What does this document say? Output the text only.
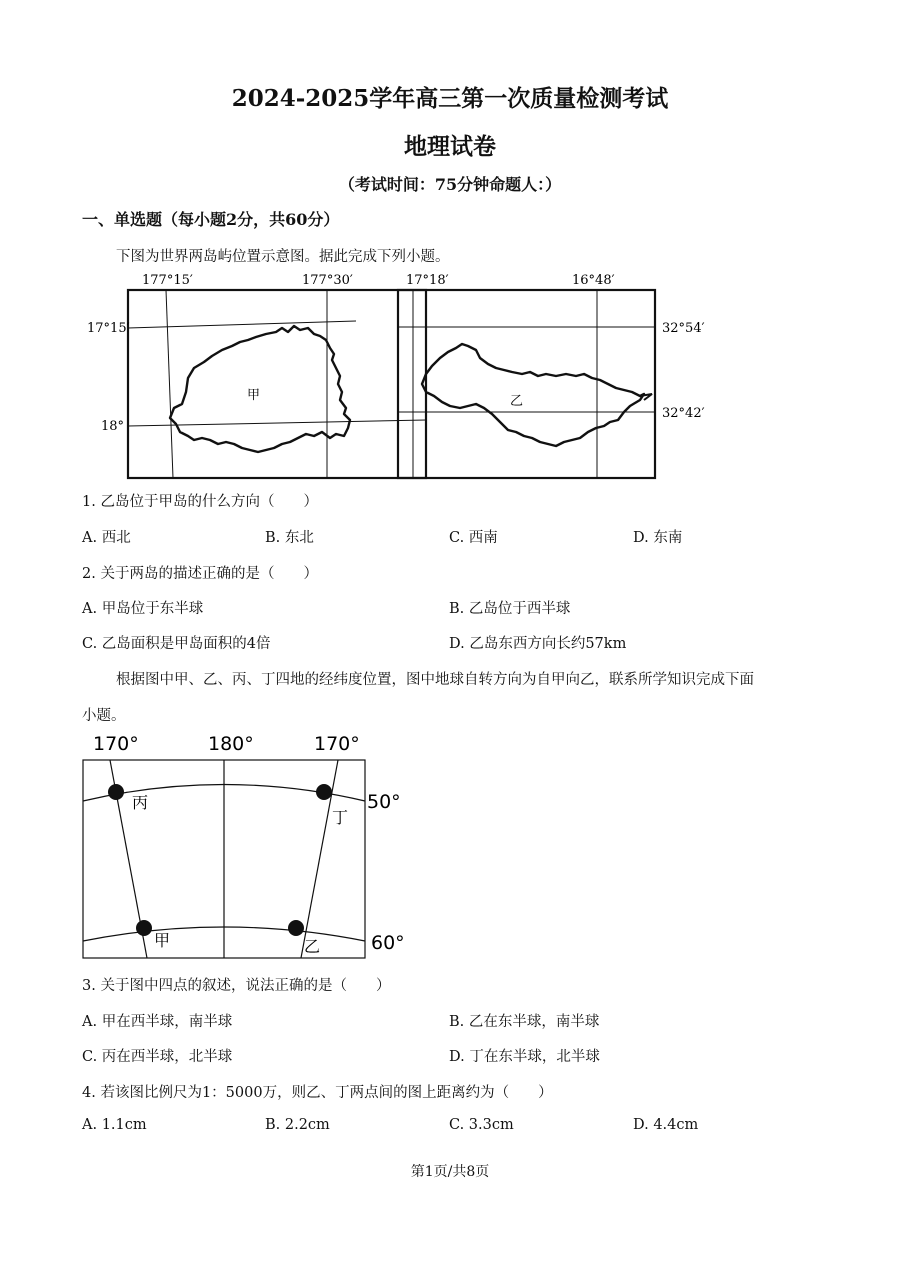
2024-2025学年高三第一次质量检测考试
地理试卷
（考试时间：75分钟命题人：）
一、单选题（每小题2分，共60分）
下图为世界两岛屿位置示意图。据此完成下列小题。
17°15′
18°
177°15′	177°30′
甲
17°18′	16°48′
32°54′
32°42′
乙
1. 乙岛位于甲岛的什么方向（　　）
A. 西北	B. 东北	C. 西南	D. 东南
2. 关于两岛的描述正确的是（　　）
A. 甲岛位于东半球	B. 乙岛位于西半球
C. 乙岛面积是甲岛面积的4倍	D. 乙岛东西方向长约57km
根据图中甲、乙、丙、丁四地的经纬度位置，图中地球自转方向为自甲向乙，联系所学知识完成下面
小题。
170°	180°	170°
50°
60°
丙
丁
甲	乙
3. 关于图中四点的叙述，说法正确的是（　　）
A. 甲在西半球，南半球	B. 乙在东半球，南半球
C. 丙在西半球，北半球	D. 丁在东半球，北半球
4. 若该图比例尺为1：5000万，则乙、丁两点间的图上距离约为（　　）
A. 1.1cm	B. 2.2cm	C. 3.3cm	D. 4.4cm
第1页/共8页
